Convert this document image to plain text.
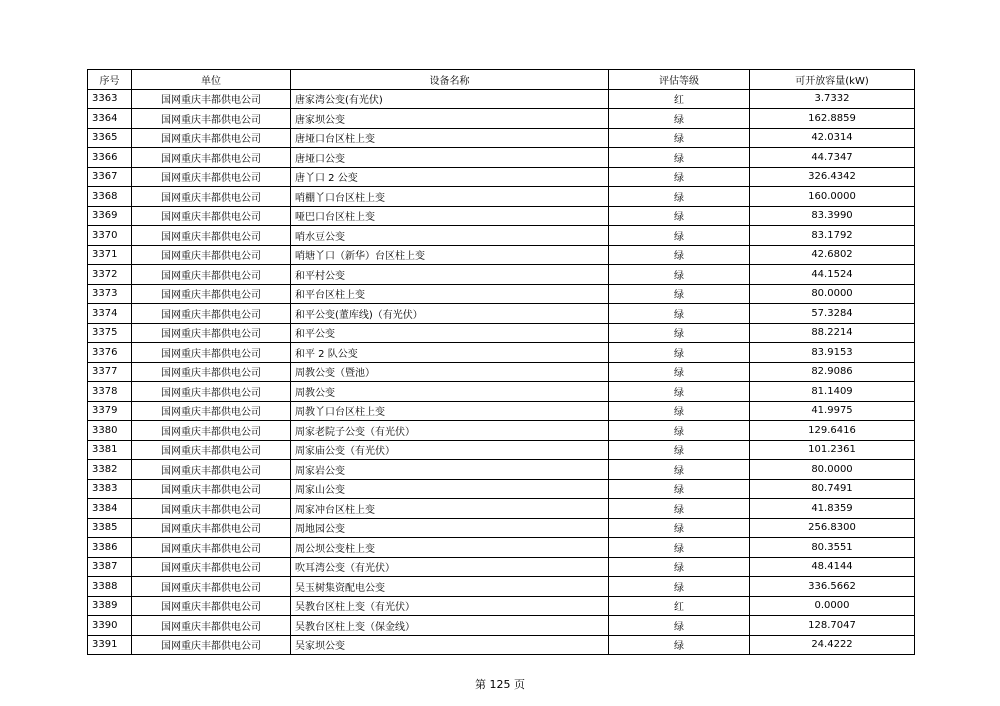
序号	单位	设备名称	评估等级	可开放容量(kW)
3363	国网重庆丰都供电公司	唐家湾公变(有光伏)	红	3.7332
3364	国网重庆丰都供电公司	唐家坝公变	绿	162.8859
3365	国网重庆丰都供电公司	唐垭口台区柱上变	绿	42.0314
3366	国网重庆丰都供电公司	唐垭口公变	绿	44.7347
3367	国网重庆丰都供电公司	唐丫口 2 公变	绿	326.4342
3368	国网重庆丰都供电公司	哨棚丫口台区柱上变	绿	160.0000
3369	国网重庆丰都供电公司	哑巴口台区柱上变	绿	83.3990
3370	国网重庆丰都供电公司	哨水豆公变	绿	83.1792
3371	国网重庆丰都供电公司	哨塘丫口（新华）台区柱上变	绿	42.6802
3372	国网重庆丰都供电公司	和平村公变	绿	44.1524
3373	国网重庆丰都供电公司	和平台区柱上变	绿	80.0000
3374	国网重庆丰都供电公司	和平公变(董库线)（有光伏）	绿	57.3284
3375	国网重庆丰都供电公司	和平公变	绿	88.2214
3376	国网重庆丰都供电公司	和平 2 队公变	绿	83.9153
3377	国网重庆丰都供电公司	周教公变（暨池）	绿	82.9086
3378	国网重庆丰都供电公司	周教公变	绿	81.1409
3379	国网重庆丰都供电公司	周教丫口台区柱上变	绿	41.9975
3380	国网重庆丰都供电公司	周家老院子公变（有光伏）	绿	129.6416
3381	国网重庆丰都供电公司	周家庙公变（有光伏）	绿	101.2361
3382	国网重庆丰都供电公司	周家岩公变	绿	80.0000
3383	国网重庆丰都供电公司	周家山公变	绿	80.7491
3384	国网重庆丰都供电公司	周家冲台区柱上变	绿	41.8359
3385	国网重庆丰都供电公司	周地园公变	绿	256.8300
3386	国网重庆丰都供电公司	周公坝公变柱上变	绿	80.3551
3387	国网重庆丰都供电公司	吹耳湾公变（有光伏）	绿	48.4144
3388	国网重庆丰都供电公司	吴玉树集资配电公变	绿	336.5662
3389	国网重庆丰都供电公司	吴教台区柱上变（有光伏）	红	0.0000
3390	国网重庆丰都供电公司	吴教台区柱上变（保金线）	绿	128.7047
3391	国网重庆丰都供电公司	吴家坝公变	绿	24.4222
第 125 页
